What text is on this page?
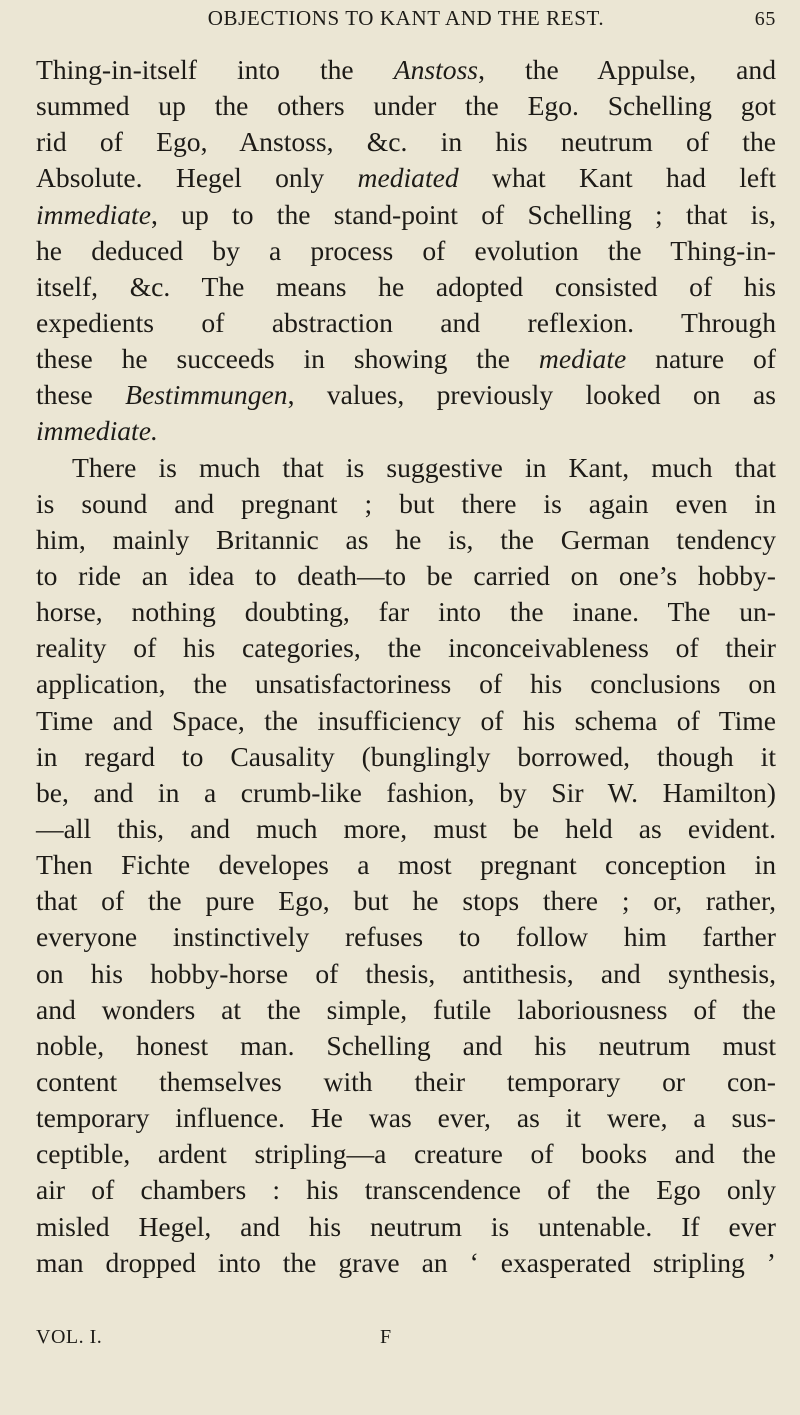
OBJECTIONS TO KANT AND THE REST.	65
Thing-in-itself into the Anstoss, the Appulse, and
summed up the others under the Ego. Schelling got
rid of Ego, Anstoss, &c. in his neutrum of the
Absolute. Hegel only mediated what Kant had left
immediate, up to the stand-point of Schelling ; that is,
he deduced by a process of evolution the Thing-in-
itself, &c. The means he adopted consisted of his
expedients of abstraction and reflexion. Through
these he succeeds in showing the mediate nature of
these Bestimmungen, values, previously looked on as
immediate.
There is much that is suggestive in Kant, much that
is sound and pregnant ; but there is again even in
him, mainly Britannic as he is, the German tendency
to ride an idea to death—to be carried on one’s hobby-
horse, nothing doubting, far into the inane. The un-
reality of his categories, the inconceivableness of their
application, the unsatisfactoriness of his conclusions on
Time and Space, the insufficiency of his schema of Time
in regard to Causality (bunglingly borrowed, though it
be, and in a crumb-like fashion, by Sir W. Hamilton)
—all this, and much more, must be held as evident.
Then Fichte developes a most pregnant conception in
that of the pure Ego, but he stops there ; or, rather,
everyone instinctively refuses to follow him farther
on his hobby-horse of thesis, antithesis, and synthesis,
and wonders at the simple, futile laboriousness of the
noble, honest man. Schelling and his neutrum must
content themselves with their temporary or con-
temporary influence. He was ever, as it were, a sus-
ceptible, ardent stripling—a creature of books and the
air of chambers : his transcendence of the Ego only
misled Hegel, and his neutrum is untenable. If ever
man dropped into the grave an ‘ exasperated stripling ’
VOL. I.	F
